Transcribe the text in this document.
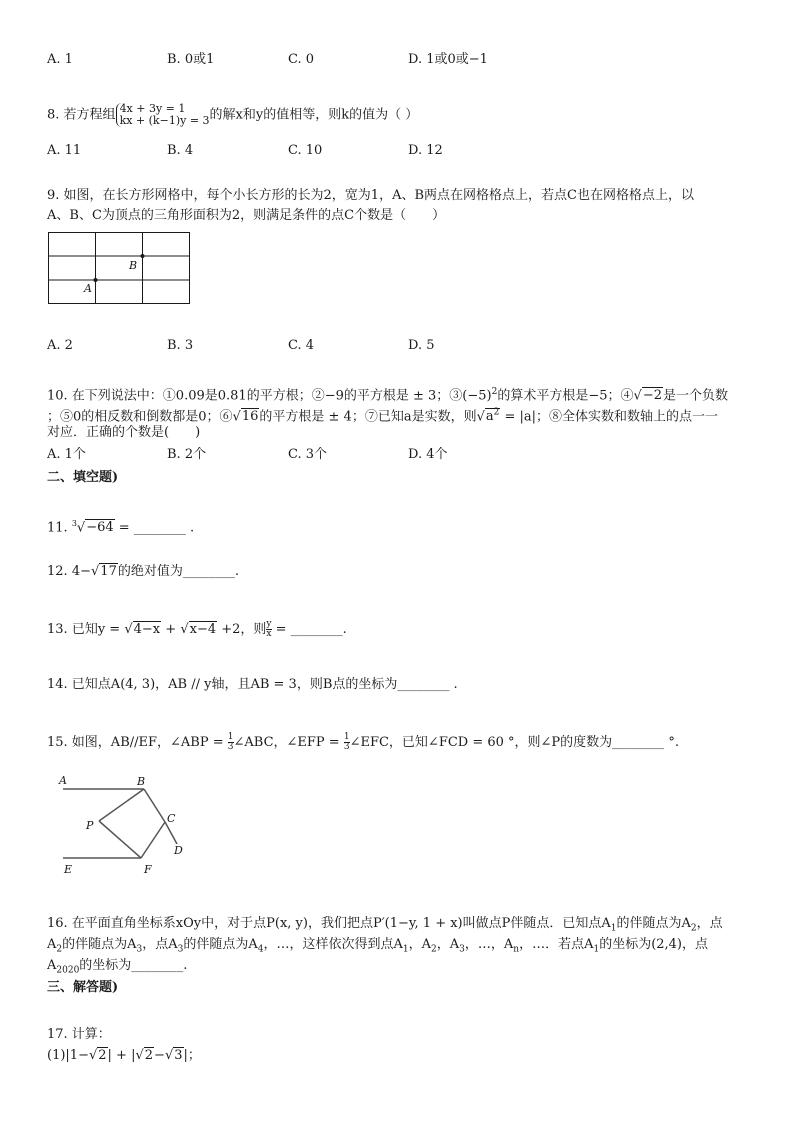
A. 1	B. 0或1	C. 0	D. 1或0或−1
8. 若方程组 4x + 3y = 1
kx + (k−1)y = 3 的解x和y的值相等，则k的值为（ ）
A. 11	B. 4	C. 10	D. 12
9. 如图，在长方形网格中，每个小长方形的长为2，宽为1，A、B两点在网格格点上，若点C也在网格格点上，以
A、B、C为顶点的三角形面积为2，则满足条件的点C个数是（　　）
A
B
A. 2	B. 3	C. 4	D. 5
10. 在下列说法中：①0.09是0.81的平方根；②−9的平方根是 ± 3；$③(-5)^2$的算术平方根是−5；④√−2是一个负数
；⑤0的相反数和倒数都是0；⑥√16的平方根是 ± 4；⑦已知a是实数，则$√a^2 = |a|$；⑧全体实数和数轴上的点一一
对应．正确的个数是(　　)
A. 1个	B. 2个	C. 3个	D. 4个
二、填空题)
11. $^3$√−64 = ________ .
12. 4−√17的绝对值为________.
13. 已知y = √4−x + √x−4 +2，则 $\frac{y}{x}$ = ________.
14. 已知点A(4, 3)，AB // y轴，且AB = 3，则B点的坐标为________ .
15. 如图，AB//EF，∠ABP = $\frac{1}{3}$ ∠ABC，∠EFP = $\frac{1}{3}$ ∠EFC，已知∠FCD = 60 °，则∠P的度数为________ °.
A	B
P
C
D
E	F
16. 在平面直角坐标系xOy中，对于点P(x, y)，我们把点P′(1−y, 1 + x)叫做点P伴随点．已知点$A_1$的伴随点为$A_2$，点
$A_2$的伴随点为$A_3$，点$A_3$的伴随点为$A_4$，…，这样依次得到点$A_1$，$A_2$，$A_3$，…，$A_n$，…．若点$A_1$的坐标为(2,4)，点
$A_{2020}$的坐标为________.
三、解答题)
17. 计算：
(1)|1−√2| + |√2−√3|；
